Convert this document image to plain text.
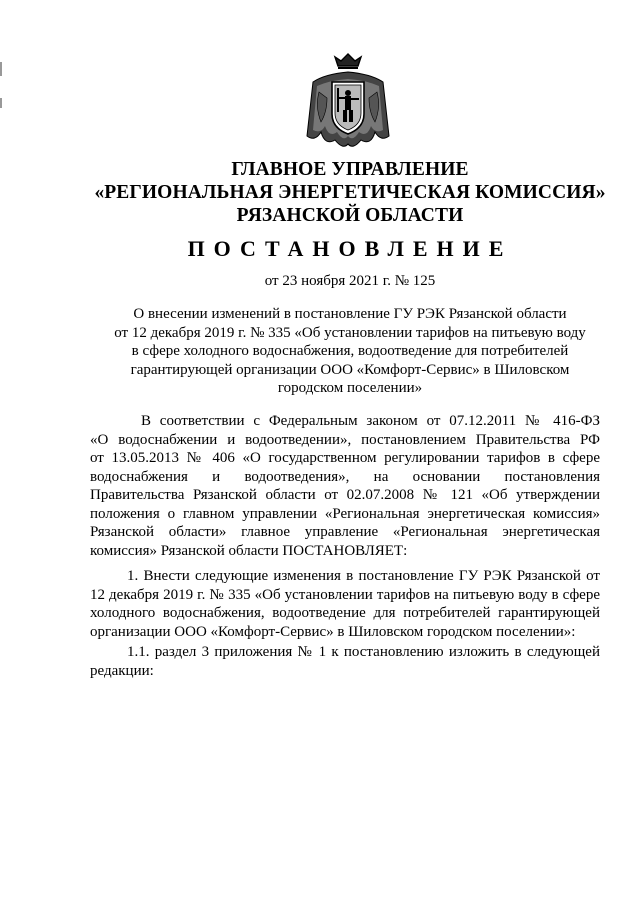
ГЛАВНОЕ УПРАВЛЕНИЕ
«РЕГИОНАЛЬНАЯ ЭНЕРГЕТИЧЕСКАЯ КОМИССИЯ»
РЯЗАНСКОЙ ОБЛАСТИ
ПОСТАНОВЛЕНИЕ
от 23 ноября 2021 г. № 125
О внесении изменений в постановление ГУ РЭК Рязанской области
от 12 декабря 2019 г. № 335 «Об установлении тарифов на питьевую воду
в сфере холодного водоснабжения, водоотведение для потребителей
гарантирующей организации ООО «Комфорт-Сервис» в Шиловском
городском поселении»
В соответствии с Федеральным законом от 07.12.2011 № 416-ФЗ
«О водоснабжении и водоотведении», постановлением Правительства РФ
от 13.05.2013 № 406 «О государственном регулировании тарифов в сфере
водоснабжения и водоотведения», на основании постановления
Правительства Рязанской области от 02.07.2008 № 121 «Об утверждении
положения о главном управлении «Региональная энергетическая комиссия»
Рязанской области» главное управление «Региональная энергетическая
комиссия» Рязанской области ПОСТАНОВЛЯЕТ:
1. Внести следующие изменения в постановление ГУ РЭК Рязанской от
12 декабря 2019 г. № 335 «Об установлении тарифов на питьевую воду в сфере
холодного водоснабжения, водоотведение для потребителей гарантирующей
организации ООО «Комфорт-Сервис» в Шиловском городском поселении»:
1.1. раздел 3 приложения № 1 к постановлению изложить в следующей
редакции:
